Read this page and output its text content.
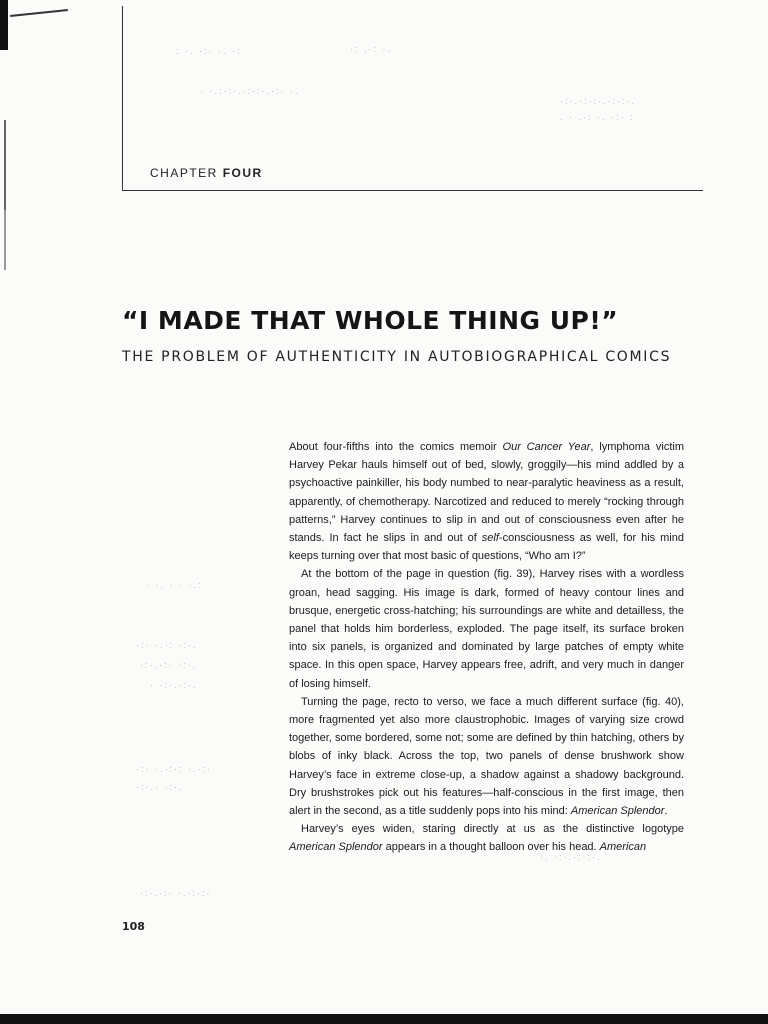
: ·. ·:· ·. ·:	·: .·: ·.
· ·.:·:·.·:·:·.·:· ·.
·:·.·:·:·.·:·:·.
. · .·: ·. ·:· :
· ·. · · ·.:
·:· ·.·: ·:·.
·:·.·:· ·:·.
· ·:·.·:·.
·:· ·.·:·: ·.·:·
·:·.· ·:·.
·:·.·:· ·.·:·:·
·. ·:·.·:·:·.
CHAPTER FOUR
“I MADE THAT WHOLE THING UP!”
THE PROBLEM OF AUTHENTICITY IN AUTOBIOGRAPHICAL COMICS

About four-fifths into the comics memoir Our Cancer Year, lymphoma victim Harvey Pekar hauls himself out of bed, slowly, groggily—his mind addled by a psychoactive painkiller, his body numbed to near-paralytic heaviness as a result, apparently, of chemotherapy. Narcotized and reduced to merely “rocking through patterns,” Harvey continues to slip in and out of consciousness even after he stands. In fact he slips in and out of self-consciousness as well, for his mind keeps turning over that most basic of questions, “Who am I?”

At the bottom of the page in question (fig. 39), Harvey rises with a wordless groan, head sagging. His image is dark, formed of heavy contour lines and brusque, energetic cross-hatching; his surroundings are white and detailless, the panel that holds him borderless, exploded. The page itself, its surface broken into six panels, is organized and dominated by large patches of empty white space. In this open space, Harvey appears free, adrift, and very much in danger of losing himself.

Turning the page, recto to verso, we face a much different surface (fig. 40), more fragmented yet also more claustrophobic. Images of varying size crowd together, some bordered, some not; some are defined by thin hatching, others by blobs of inky black. Across the top, two panels of dense brushwork show Harvey’s face in extreme close-up, a shadow against a shadowy background. Dry brushstrokes pick out his features—half-conscious in the first image, then alert in the second, as a title suddenly pops into his mind: American Splendor.

Harvey’s eyes widen, staring directly at us as the distinctive logotype American Splendor appears in a thought balloon over his head. American

108
